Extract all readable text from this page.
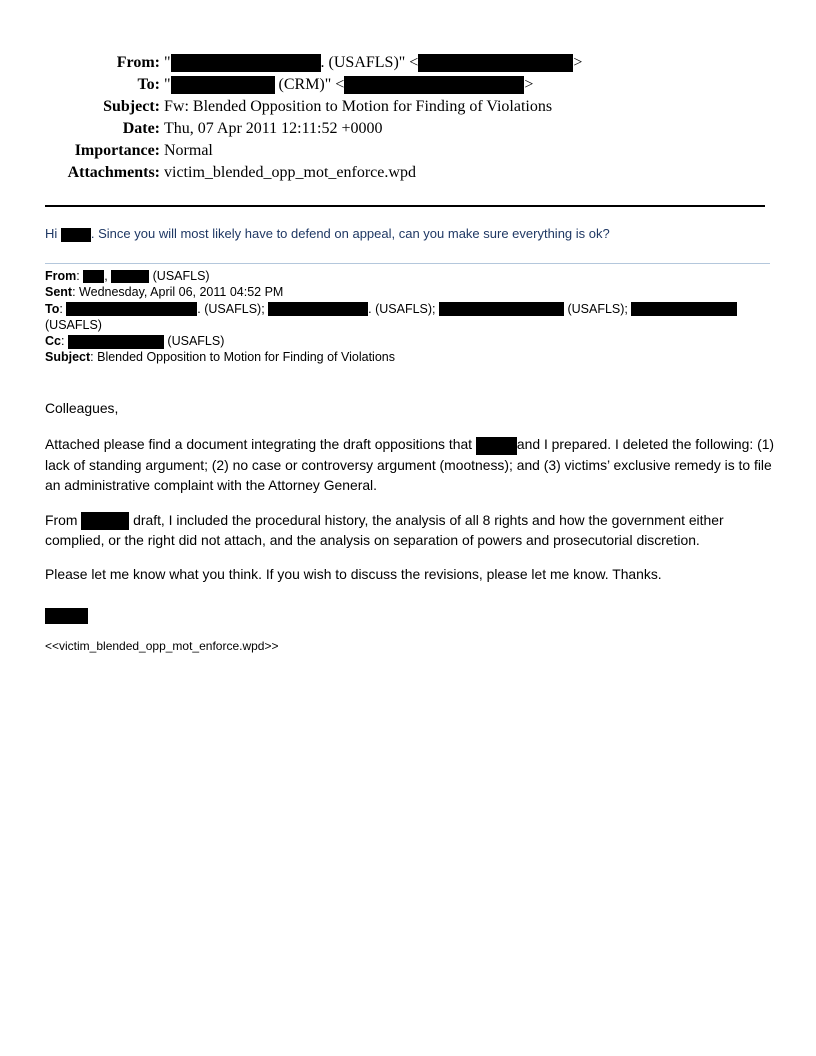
From: "	. (USAFLS)" <	>
To: "	(CRM)" <	>
Subject: Fw: Blended Opposition to Motion for Finding of Violations
Date: Thu, 07 Apr 2011 12:11:52 +0000
Importance: Normal
Attachments: victim_blended_opp_mot_enforce.wpd
Hi . Since you will most likely have to defend on appeal, can you make sure everything is ok?
From: ,	(USAFLS)
Sent: Wednesday, April 06, 2011 04:52 PM
To:	. (USAFLS);	. (USAFLS);	(USAFLS);
(USAFLS)
Cc:	(USAFLS)
Subject: Blended Opposition to Motion for Finding of Violations

Colleagues,

Attached please find a document integrating the draft oppositions that	and I prepared. I deleted the following: (1) lack of standing argument; (2) no case or controversy argument (mootness); and (3) victims’ exclusive remedy is to file an administrative complaint with the Attorney General.

From	draft, I included the procedural history, the analysis of all 8 rights and how the government either complied, or the right did not attach, and the analysis on separation of powers and prosecutorial discretion.

Please let me know what you think. If you wish to discuss the revisions, please let me know. Thanks.

<<victim_blended_opp_mot_enforce.wpd>>
